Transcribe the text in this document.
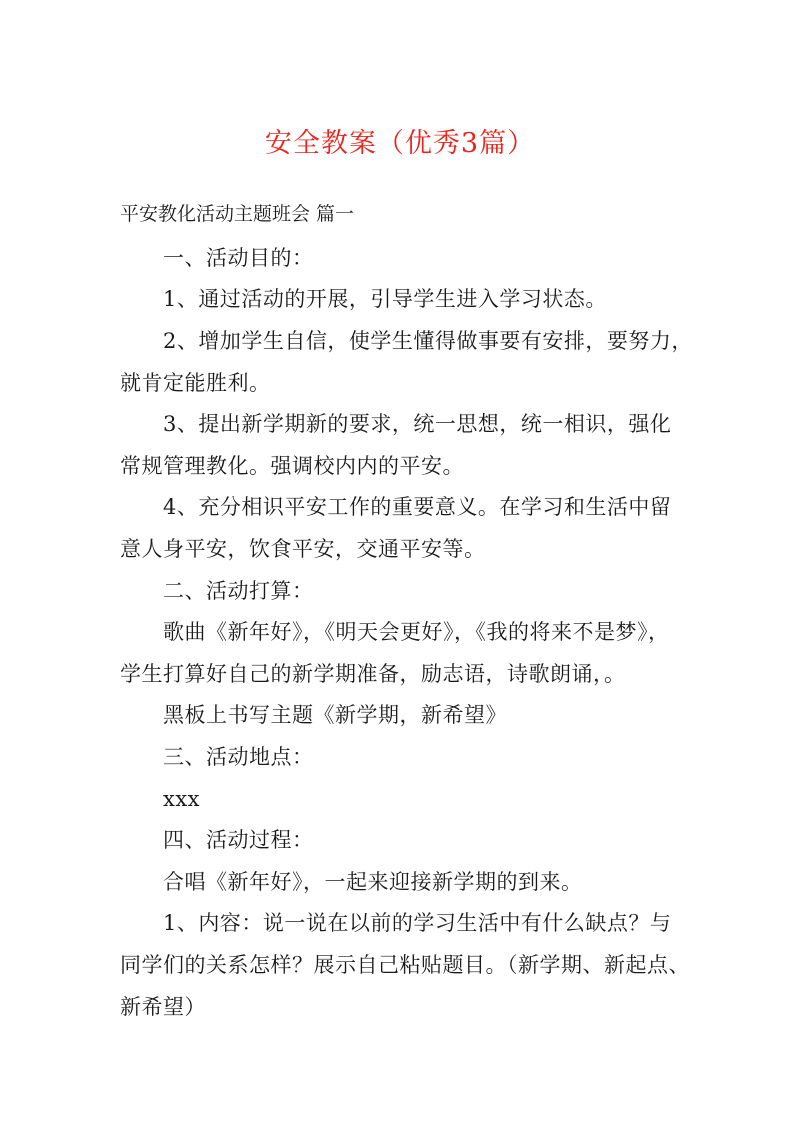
安全教案（优秀3篇）
平安教化活动主题班会 篇一
一、活动目的：
1、通过活动的开展，引导学生进入学习状态。
2、增加学生自信，使学生懂得做事要有安排，要努力，
就肯定能胜利。
3、提出新学期新的要求，统一思想，统一相识，强化
常规管理教化。强调校内内的平安。
4、充分相识平安工作的重要意义。在学习和生活中留
意人身平安，饮食平安，交通平安等。
二、活动打算：
歌曲《新年好》，《明天会更好》，《我的将来不是梦》，
学生打算好自己的新学期准备，励志语，诗歌朗诵，。
黑板上书写主题《新学期，新希望》
三、活动地点：
xxx
四、活动过程：
合唱《新年好》，一起来迎接新学期的到来。
1、内容：说一说在以前的学习生活中有什么缺点？与
同学们的关系怎样？展示自己粘贴题目。（新学期、新起点、
新希望）
